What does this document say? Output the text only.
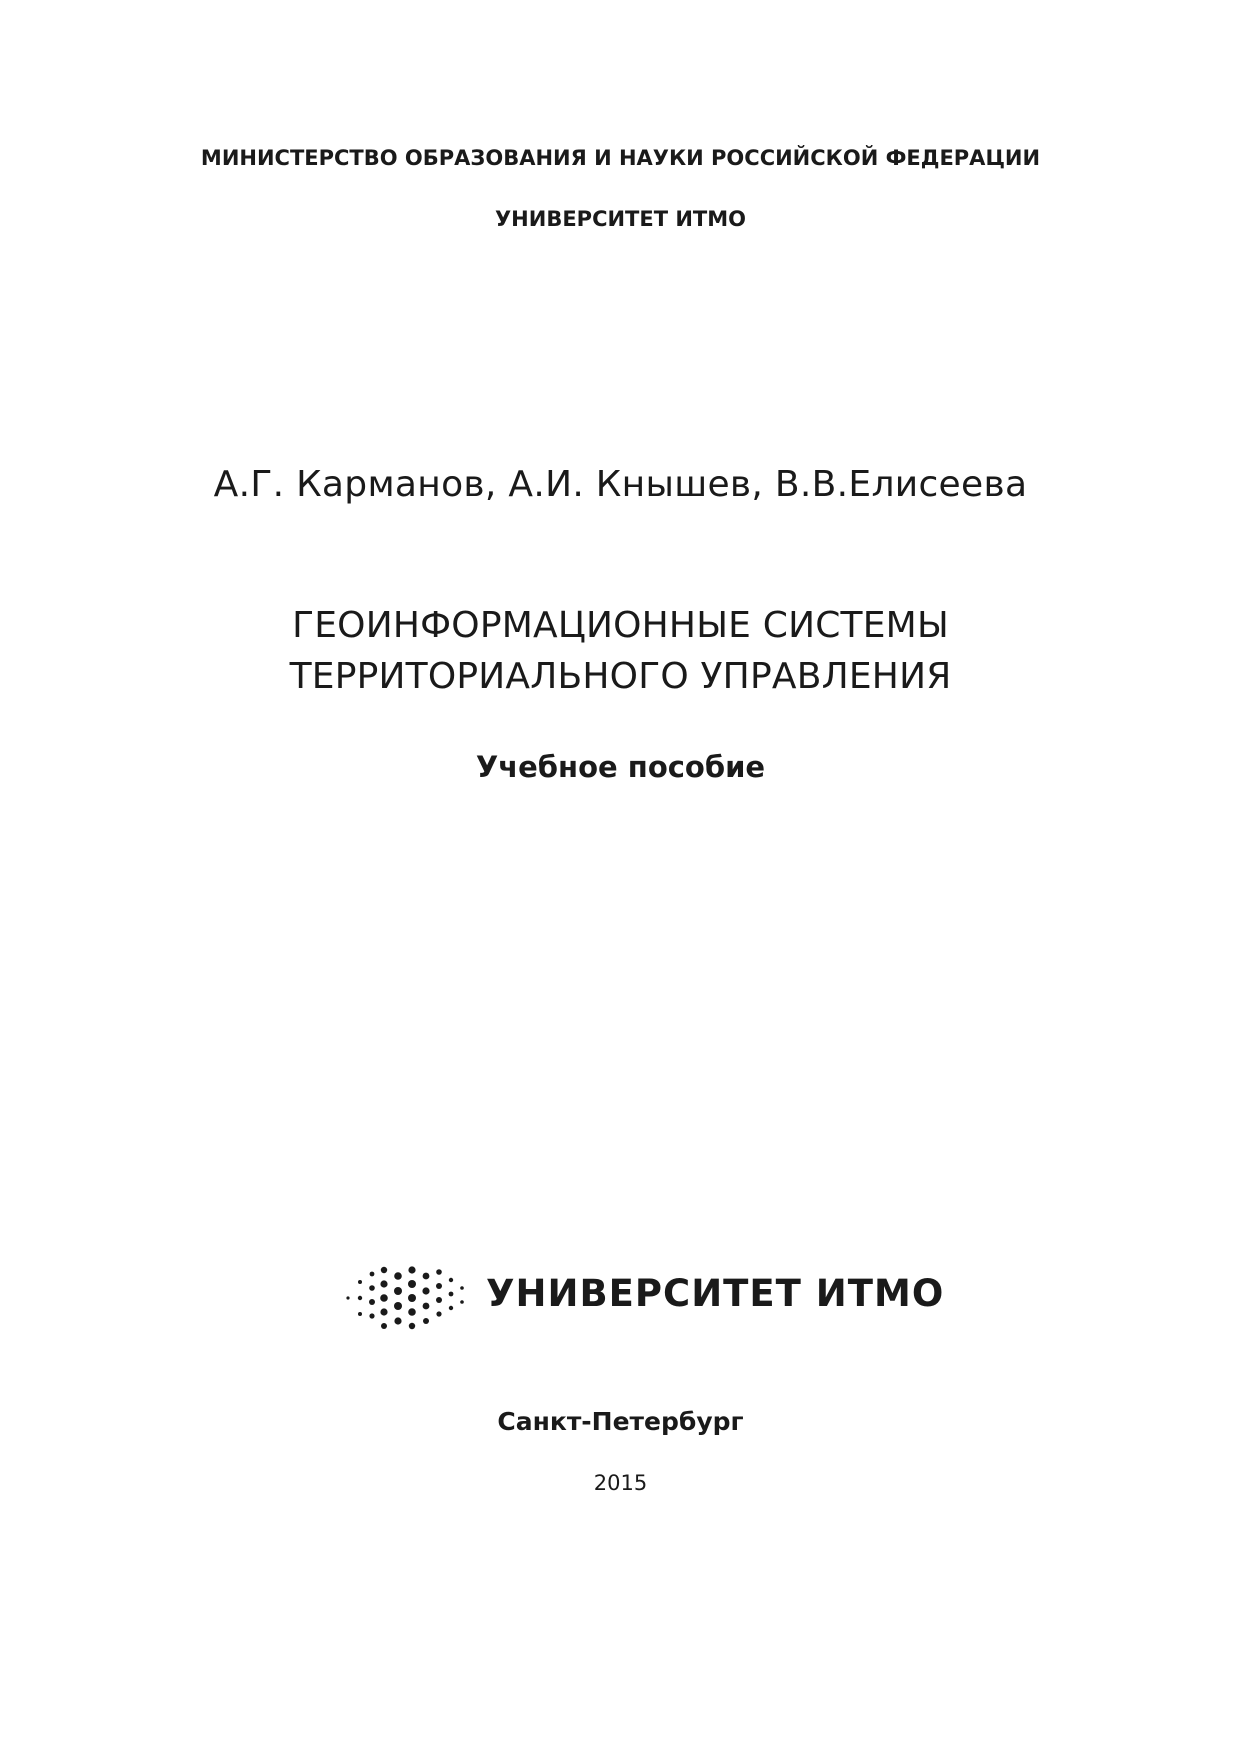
МИНИСТЕРСТВО ОБРАЗОВАНИЯ И НАУКИ РОССИЙСКОЙ ФЕДЕРАЦИИ
УНИВЕРСИТЕТ ИТМО
А.Г. Карманов, А.И. Кнышев, В.В.Елисеева
ГЕОИНФОРМАЦИОННЫЕ СИСТЕМЫ
ТЕРРИТОРИАЛЬНОГО УПРАВЛЕНИЯ
Учебное пособие
УНИВЕРСИТЕТ ИТМО
Санкт-Петербург
2015
